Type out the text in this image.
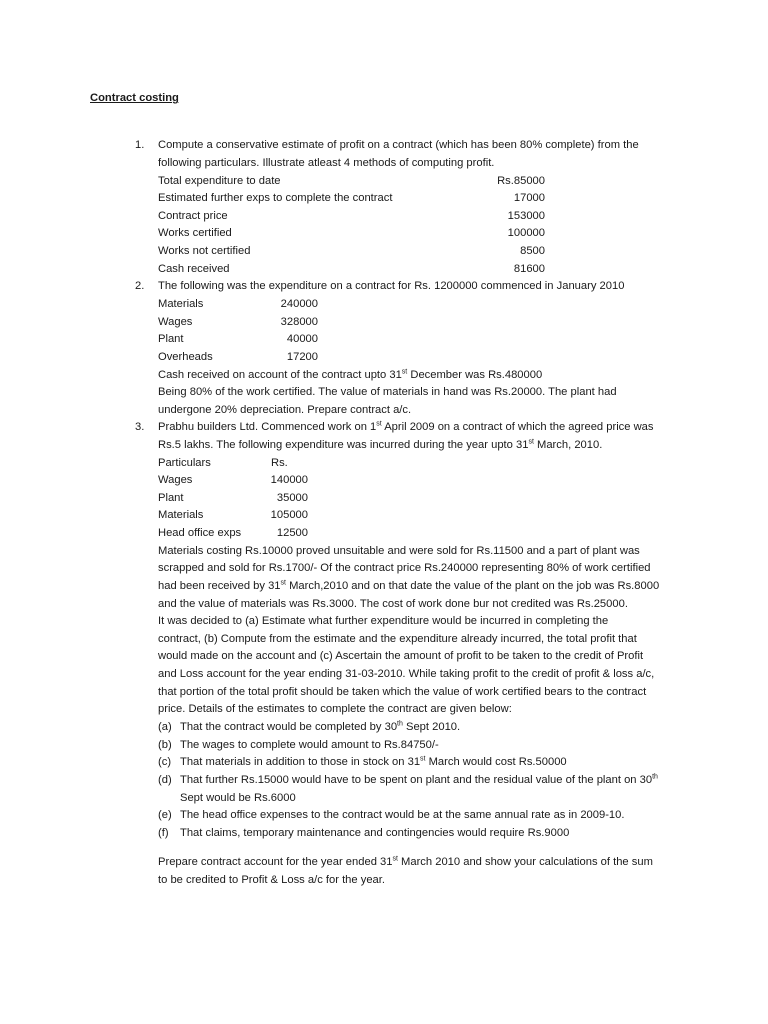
Contract costing
1. Compute a conservative estimate of profit on a contract (which has been 80% complete) from the
following particulars. Illustrate atleast 4 methods of computing profit.
Total expenditure to date	Rs.85000
Estimated further exps to complete the contract	17000
Contract price	153000
Works certified	100000
Works not certified	8500
Cash received	81600
2. The following was the expenditure on a contract for Rs. 1200000 commenced in January 2010
Materials	240000
Wages	328000
Plant	40000
Overheads	17200
Cash received on account of the contract upto 31st December was Rs.480000
Being 80% of the work certified. The value of materials in hand was Rs.20000. The plant had
undergone 20% depreciation. Prepare contract a/c.
3. Prabhu builders Ltd. Commenced work on 1st April 2009 on a contract of which the agreed price was
Rs.5 lakhs. The following expenditure was incurred during the year upto 31st March, 2010.
Particulars	Rs.
Wages	140000
Plant	35000
Materials	105000
Head office exps	12500
Materials costing Rs.10000 proved unsuitable and were sold for Rs.11500 and a part of plant was
scrapped and sold for Rs.1700/- Of the contract price Rs.240000 representing 80% of work certified
had been received by 31st March,2010 and on that date the value of the plant on the job was Rs.8000
and the value of materials was Rs.3000. The cost of work done bur not credited was Rs.25000.
It was decided to (a) Estimate what further expenditure would be incurred in completing the
contract, (b) Compute from the estimate and the expenditure already incurred, the total profit that
would made on the account and (c) Ascertain the amount of profit to be taken to the credit of Profit
and Loss account for the year ending 31-03-2010. While taking profit to the credit of profit & loss a/c,
that portion of the total profit should be taken which the value of work certified bears to the contract
price. Details of the estimates to complete the contract are given below:
(a) That the contract would be completed by 30th Sept 2010.
(b) The wages to complete would amount to Rs.84750/-
(c) That materials in addition to those in stock on 31st March would cost Rs.50000
(d) That further Rs.15000 would have to be spent on plant and the residual value of the plant on 30th
Sept would be Rs.6000
(e) The head office expenses to the contract would be at the same annual rate as in 2009-10.
(f) That claims, temporary maintenance and contingencies would require Rs.9000
Prepare contract account for the year ended 31st March 2010 and show your calculations of the sum
to be credited to Profit & Loss a/c for the year.
